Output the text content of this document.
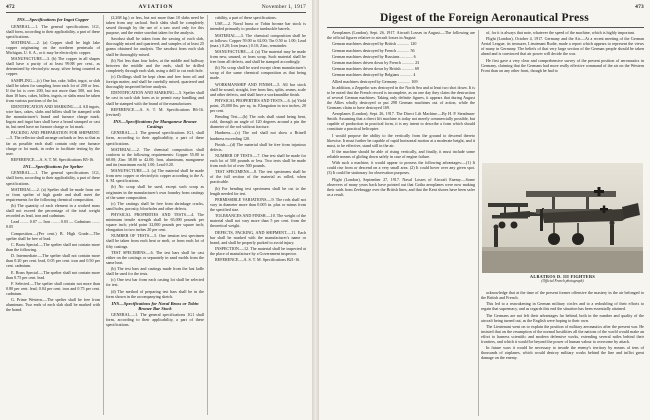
472	AVIATION	November 1, 1917
INS—Specifications for Ingot Copper

GENERAL.—1. The general specifications 1G1, shall form, according to their applicability, a part of these specifications.

MATERIAL.—2. (a) Copper shall be high lake copper originating on the northern peninsula of Michigan, U. S. A., or it may be electrolytic copper.

MANUFACTURE.—3. (b) The copper in all shapes shall have a purity of at least 99.88 per cent., as determined by electrolytic assay, silver being counted as copper.

SAMPLING.—(c) One bar, cake, billet, ingot, or slab shall be taken for sampling from each lot of 200 or less. If the lot is over 200, but not more than 500, not less than 10 bars, cakes, billets, ingots, or slabs must be taken from various portions of the lot.

IDENTIFICATION AND MARKING.—4. All ingots, wire bars, cakes, slabs and billets shall be stamped with the manufacturer's brand and furnace charge mark. Ingots and ingot bars shall have a brand stamped or cast in, but need have no furnace charge or lot mark.

PACKING AND PREPARATION FOR SHIPMENT.—5. The reflector shall arrange carloads or less so that as far as possible each shall contain only one furnace charge or lot mark, in order to facilitate testing by the user.

REFERENCE.—A. S. T. M. Specifications B5-16.

1N1—Specifications for Spelter

GENERAL.—1. The general specifications 1G1, shall form, according to their applicability, a part of these specifications.

MATERIAL.—2. (a) Spelter shall be made from ore or from spelter of high grade and shall meet the requirements for the following chemical composition.

(b) The quantity of each element in a worked mass shall not exceed the percentage of the total weight recorded as lead, iron and cadmium.

Lead ........ 0.07 — Iron ........ 0.03 — Cadmium ........ 0.05

Composition.—(Per cent.) B. High Grade.—The spelter shall be free of lead.

C. Brass Special.—The spelter shall not contain more than the following.

D. Intermediate.—The spelter shall not contain more than 0.20 per cent. lead, 0.05 per cent. iron and 0.50 per cent. cadmium.

E. Brass Special.—The spelter shall not contain more than 0.75 per cent. lead.

F. Selected.—The spelter shall contain not more than 0.80 per cent. lead, 0.04 per cent. iron and 0.75 per cent. cadmium.

G. Prime Western.—The spelter shall be free from aluminum. Two ends of each slab shall be marked with the brand.

(2,268 kg.) or less, but not more than 10 slabs need be taken from any carload. Such slabs shall be completely sawed through by the use of a saw used only for this purpose, and the entire sawdust taken for the analysis.

Sawdust shall be taken from the sawing of each slab, thoroughly mixed and quartered; and samples of at least 25 grams obtained for analysis. The sawdust from each slab shall be thoroughly mixed.

(b) Not less than four holes, at the middle and halfway between the middle and the ends, shall be drilled completely through each slab, using a drill to cut each hole.

(c) Drillings shall be kept clean and free from oil and foreign matter, and shall be carefully mixed, quartered and thoroughly inspected before analysis.

IDENTIFICATION AND MARKING.—5. Spelter shall be cast in such slab form as to permit easy handling and shall be stamped with the brand of the manufacturer.

REFERENCE.—A. S. T. M. Specifications B6-16. (revised)

INS—Specifications for Manganese Bronze Castings

GENERAL.—1. The general specifications 1G1, shall form, according to their applicability, a part of these specifications.

MATERIAL.—2. The chemical composition shall conform to the following requirements: Copper 55.00 to 60.00; Zinc 38.00 to 42.00; Iron, aluminum, manganese and tin (maximum each) 1.00; Lead 0.20.

MANUFACTURE.—3. (a) The material shall be made from new copper or electrolytic copper according to the A. S. M. specifications.

(b) No scrap shall be used, except such scrap as originates in the manufacturer's own foundry from castings of the same composition.

(c) The castings shall be free from shrinkage cracks, sand holes, porosity, blowholes and other defects.

PHYSICAL PROPERTIES AND TESTS.—4. The minimum tensile strength shall be 65,000 pounds per square inch; yield point 32,000 pounds per square inch; elongation in two inches 20 per cent.

NUMBER OF TESTS.—5. One tension test specimen shall be taken from each heat or melt, or from each lot of fifty castings.

TEST SPECIMENS.—6. The test bars shall be cast either on the castings or separately in sand molds from the same heat.

(b) The test bars and castings made from the last ladle shall be used for the tests.

(c) One test bar from each casting lot shall be selected for test.

(d) The method of preparing test bars shall be in the form shown in the accompanying sketch.

INS—Specifications for Naval Brass or Tobin Bronze Bar Stock

GENERAL.—1. The general specifications 1G1 shall form, according to their applicability, a part of these specifications.

cability, a part of these specifications.

USE.—2. Naval brass or Tobin bronze bar stock is intended primarily to produce turnbuckle barrels.

MATERIAL.—3. The chemical composition shall be as follows: Copper 59.00 to 62.00; Tin 0.50 to 1.00; Lead (max.) 0.20; Iron (max.) 0.10; Zinc, remainder.

MANUFACTURE.—4. (a) The material may be made from new, unused, or from scrap. Such material shall be free from all defects, and shall be stamped accordingly.

(b) No scrap shall be used except clean manufacturer's scrap of the same chemical composition as that being made.

WORKMANSHIP AND FINISH.—5. All bar stock shall be sound, straight, free from fins, splits, seams, scale and other defects, and shall have a workmanlike finish.

PHYSICAL PROPERTIES AND TESTS.—6. (a) Yield point, 25,000 lbs. per sq. in. Elongation in two inches, 20 per cent.

Bending Test.—(b) The rods shall stand being bent, cold, through an angle of 120 degrees around a pin the diameter of the rod without fracture.

Hardness.—(c) The rod shall not show a Brinell hardness exceeding 120.

Finish.—(d) The material shall be free from injurious defects.

NUMBER OF TESTS.—7. One test shall be made for each lot of 500 pounds or less. Two tests shall be made from each lot of over 500 pounds.

TEST SPECIMENS.—8. The test specimens shall be of the full section of the material as rolled, when practicable.

(b) For bending test specimens shall be cut to the length needed for test.

PERMISSIBLE VARIATIONS.—9. The rods shall not vary in diameter more than 0.005 in. plus or minus from the specified size.

TOLERANCES AND FINISH.—10. The weight of the material shall not vary more than 5 per cent. from the theoretical weight.

DEFECTS, PACKING, AND SHIPMENT.—11. Each bar shall be marked with the manufacturer's name or brand, and shall be properly packed to avoid injury.

INSPECTION.—12. The material shall be inspected at the place of manufacture by a Government inspector.

REFERENCE.—A. S. T. M. Specifications B21-16.

473
Digest of the Foreign Aeronautical Press

Aeroplanes (London), Sept. 26, 1917. Aircraft Losses in August.—The following are the official figures relative to aircraft losses in August:

German machines destroyed by British ............ 120

German machines destroyed by French ............ 56

German machines destroyed by Russians ............ 6

German machines driven down by French ............ 23

German machines driven down by British ............ 69

German machines destroyed by Belgians ............ 4

Allied machines destroyed by Germany ............ 169

In addition, a Zeppelin was destroyed in the North Sea and at least two shot down. It is to be noted that the French record is incomplete, as on one day they claim the destruction of several German machines. Taking only definite figures, it appears that during August the Allies wholly destroyed or put 298 German machines out of action, while the Germans claim to have destroyed 169.

Aeroplanes (London), Sept. 26, 1917. The Direct Lift Machine.—By H. P. Steadman-Smith. Assuming that a direct lift machine is today not merely commercially possible, but capable of production in practical form, it is my intent to describe a form which should constitute a practical helicopter.

I would propose the ability to the vertically from the ground to descend thereto likewise. It must further be capable of rapid horizontal motion at a moderate height, and it must, to be effective, stand still in the air.

If the machine should be able of rising vertically, and finally, it must include some reliable means of gliding down safely in case of engine failure.

With such a machine, it would appear to possess the following advantages:—(1) It could rise from or descend on a very small area. (2) It could hover over any given spot. (3) It could be stationary for observation purposes.

Flight (London), September 27, 1917. Naval Losses of Aircraft Enemy.—Some observers of many years back have pointed out that Gotha aeroplanes were now making their raids from Zeebrugge over the British lines, and that the Kent shores have been safer as a result.

of, for it is always that note, whatever the speed of the machine, which is highly important.

Flight (London), October 4, 1917. Germany and the Air.—At a recent meeting of the German Aerial League, its treasurer, Lieutenant Rudie, made a report which appears to represent the views of many in Germany. The beliefs of that very large section of the German people should be taken ahead and is convinced that air power will decide the war.

He first gave a very clear and comprehensive survey of the present position of aeronautics in Germany, claiming that the Germans had more really effective command of the air on the Western Front than on any other front, though he had to

ALBATROS D. III FIGHTERS
(Official French photograph)

acknowledge that at the time of the present former offensive the mastery in the air belonged to the British and French.

This led to a reawakening in German military circles and to a redoubling of their efforts to regain that supremacy, and as regards this end the situation has been essentially attained.

The Germans are not left their advantages far behind, both in the number and quality of the aircraft being turned out, as the English were hoping to their own.

The Lieutenant went on to explain the position of military aeronautics after the present war. He insisted that on the resumption of the normal hostilities all the nations of the world would make an effort to harness scientific and modern defensive works, extending several miles behind their frontiers, and which it would be beyond the power of human valour to overcome by attack.

In future wars it would be necessary to invade the enemy's territory by means of tens of thousands of airplanes, which would destroy military works behind the line and inflict great damage on the enemy.
